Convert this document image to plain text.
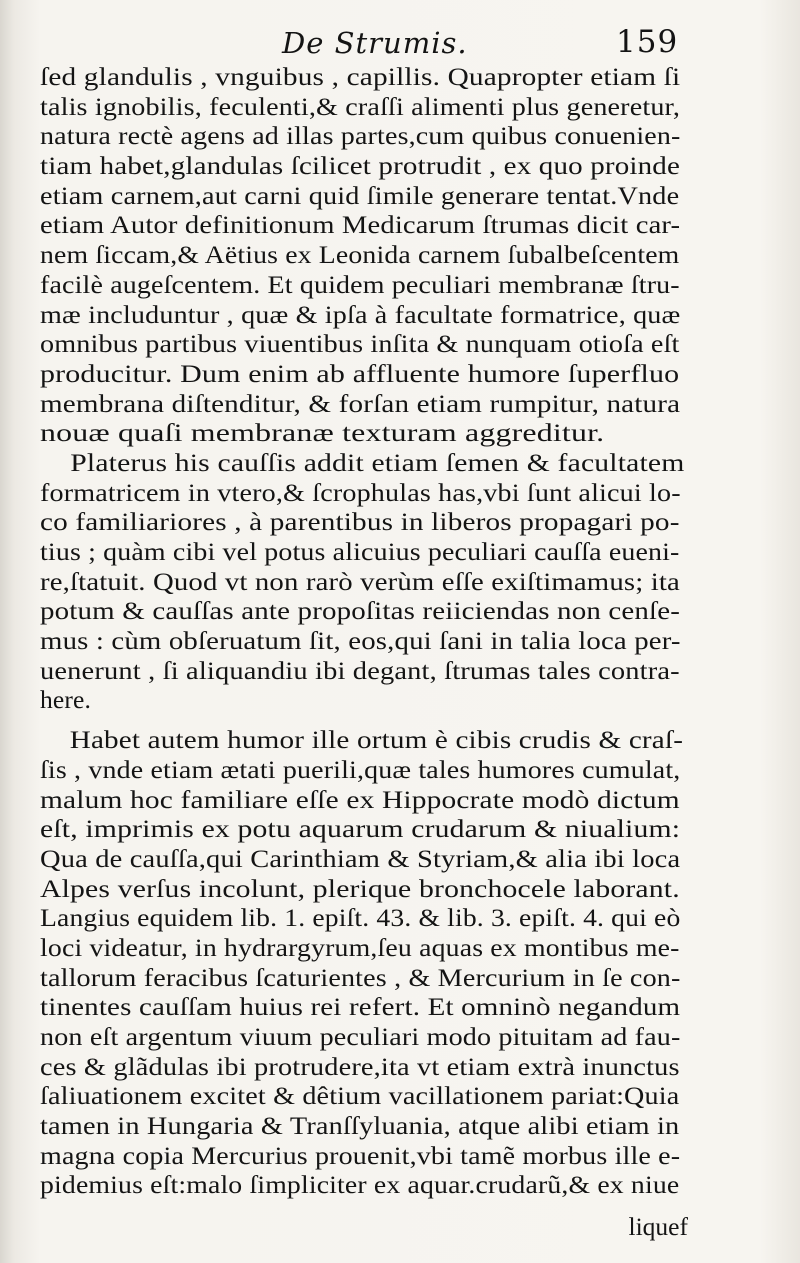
De Strumis.	159
ſed glandulis , vnguibus , capillis. Quapropter etiam ſi
talis ignobilis, feculenti,& craſſi alimenti plus generetur,
natura rectè agens ad illas partes,cum quibus conuenien-
tiam habet,glandulas ſcilicet protrudit , ex quo proinde
etiam carnem,aut carni quid ſimile generare tentat.Vnde
etiam Autor definitionum Medicarum ſtrumas dicit car-
nem ſiccam,& Aëtius ex Leonida carnem ſubalbeſcentem
facilè augeſcentem. Et quidem peculiari membranæ ſtru-
mæ includuntur , quæ & ipſa à facultate formatrice, quæ
omnibus partibus viuentibus inſita & nunquam otioſa eſt
producitur. Dum enim ab affluente humore ſuperfluo
membrana diſtenditur, & forſan etiam rumpitur, natura
nouæ quaſi membranæ texturam aggreditur.
Platerus his cauſſis addit etiam ſemen & facultatem
formatricem in vtero,& ſcrophulas has,vbi ſunt alicui lo-
co familiariores , à parentibus in liberos propagari po-
tius ; quàm cibi vel potus alicuius peculiari cauſſa eueni-
re,ſtatuit. Quod vt non rarò verùm eſſe exiſtimamus; ita
potum & cauſſas ante propoſitas reiiciendas non cenſe-
mus : cùm obſeruatum ſit, eos,qui ſani in talia loca per-
uenerunt , ſi aliquandiu ibi degant, ſtrumas tales contra-
here.
Habet autem humor ille ortum è cibis crudis & craſ-
ſis , vnde etiam ætati puerili,quæ tales humores cumulat,
malum hoc familiare eſſe ex Hippocrate modò dictum
eſt, imprimis ex potu aquarum crudarum & niualium:
Qua de cauſſa,qui Carinthiam & Styriam,& alia ibi loca
Alpes verſus incolunt, plerique bronchocele laborant.
Langius equidem lib. 1. epiſt. 43. & lib. 3. epiſt. 4. qui eò
loci videatur, in hydrargyrum,ſeu aquas ex montibus me-
tallorum feracibus ſcaturientes , & Mercurium in ſe con-
tinentes cauſſam huius rei refert. Et omninò negandum
non eſt argentum viuum peculiari modo pituitam ad fau-
ces & glãdulas ibi protrudere,ita vt etiam extrà inunctus
ſaliuationem excitet & dêtium vacillationem pariat:Quia
tamen in Hungaria & Tranſſyluania, atque alibi etiam in
magna copia Mercurius prouenit,vbi tamẽ morbus ille e-
pidemius eſt:malo ſimpliciter ex aquar.crudarũ,& ex niue
liquef
